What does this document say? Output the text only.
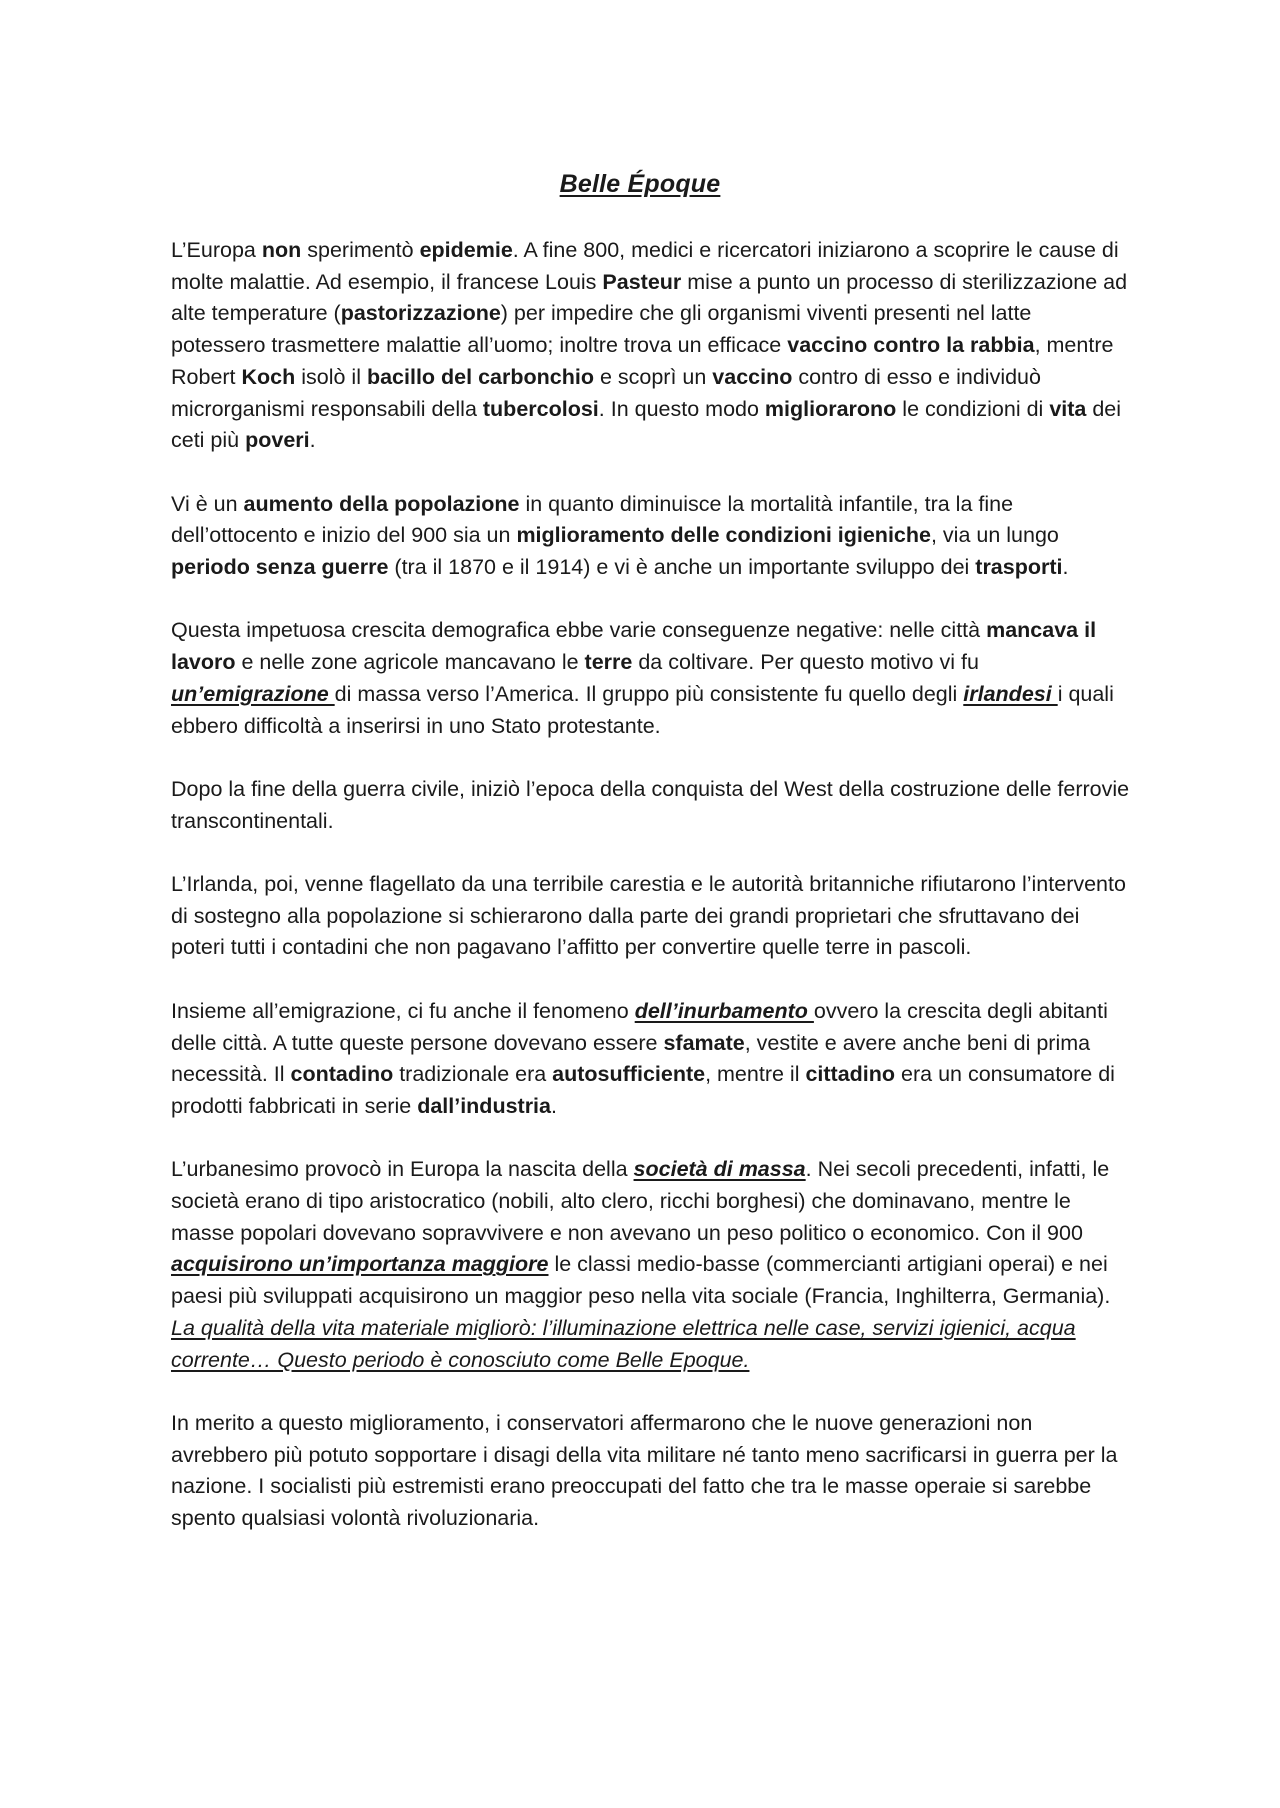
Belle Époque

L’Europa non sperimentò epidemie. A fine 800, medici e ricercatori iniziarono a scoprire le cause di molte malattie. Ad esempio, il francese Louis Pasteur mise a punto un processo di sterilizzazione ad alte temperature (pastorizzazione) per impedire che gli organismi viventi presenti nel latte potessero trasmettere malattie all’uomo; inoltre trova un efficace vaccino contro la rabbia, mentre Robert Koch isolò il bacillo del carbonchio e scoprì un vaccino contro di esso e individuò microrganismi responsabili della tubercolosi. In questo modo migliorarono le condizioni di vita dei ceti più poveri.

Vi è un aumento della popolazione in quanto diminuisce la mortalità infantile, tra la fine dell’ottocento e inizio del 900 sia un miglioramento delle condizioni igieniche, via un lungo periodo senza guerre (tra il 1870 e il 1914) e vi è anche un importante sviluppo dei trasporti.

Questa impetuosa crescita demografica ebbe varie conseguenze negative: nelle città mancava il lavoro e nelle zone agricole mancavano le terre da coltivare. Per questo motivo vi fu un’emigrazione di massa verso l’America. Il gruppo più consistente fu quello degli irlandesi i quali ebbero difficoltà a inserirsi in uno Stato protestante.

Dopo la fine della guerra civile, iniziò l’epoca della conquista del West della costruzione delle ferrovie transcontinentali.

L’Irlanda, poi, venne flagellato da una terribile carestia e le autorità britanniche rifiutarono l’intervento di sostegno alla popolazione si schierarono dalla parte dei grandi proprietari che sfruttavano dei poteri tutti i contadini che non pagavano l’affitto per convertire quelle terre in pascoli.

Insieme all’emigrazione, ci fu anche il fenomeno dell’inurbamento ovvero la crescita degli abitanti delle città. A tutte queste persone dovevano essere sfamate, vestite e avere anche beni di prima necessità. Il contadino tradizionale era autosufficiente, mentre il cittadino era un consumatore di prodotti fabbricati in serie dall’industria.

L’urbanesimo provocò in Europa la nascita della società di massa. Nei secoli precedenti, infatti, le società erano di tipo aristocratico (nobili, alto clero, ricchi borghesi) che dominavano, mentre le masse popolari dovevano sopravvivere e non avevano un peso politico o economico. Con il 900 acquisirono un’importanza maggiore le classi medio-basse (commercianti artigiani operai) e nei paesi più sviluppati acquisirono un maggior peso nella vita sociale (Francia, Inghilterra, Germania).

La qualità della vita materiale migliorò: l’illuminazione elettrica nelle case, servizi igienici, acqua corrente… Questo periodo è conosciuto come Belle Epoque.

In merito a questo miglioramento, i conservatori affermarono che le nuove generazioni non avrebbero più potuto sopportare i disagi della vita militare né tanto meno sacrificarsi in guerra per la nazione. I socialisti più estremisti erano preoccupati del fatto che tra le masse operaie si sarebbe spento qualsiasi volontà rivoluzionaria.
